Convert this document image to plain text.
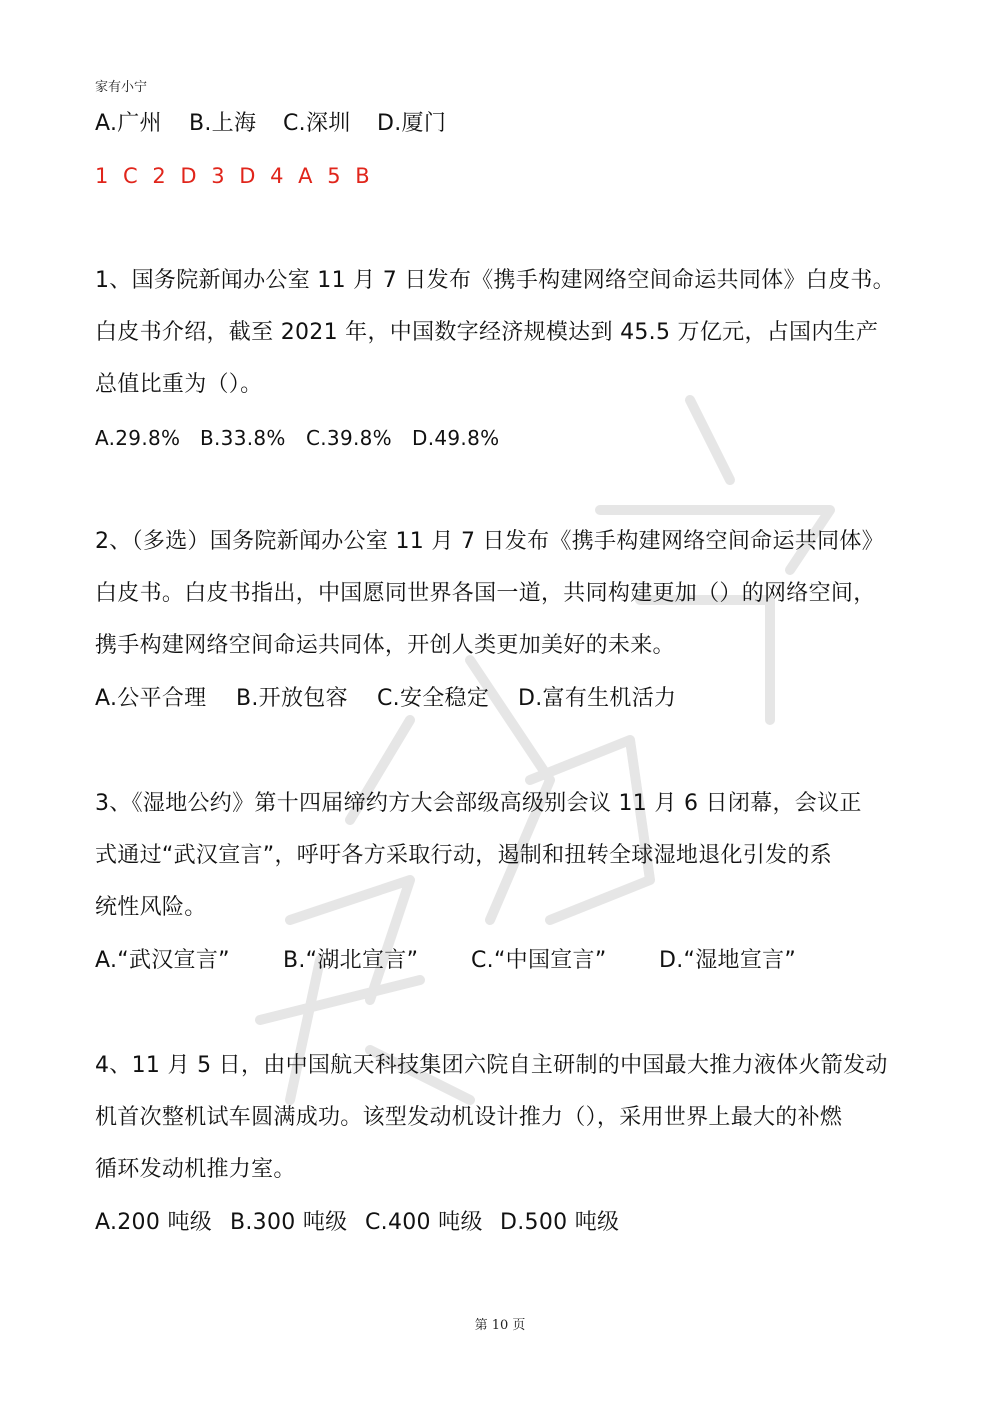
家有小宁
A.广州 B.上海 C.深圳 D.厦门
1 C 2 D 3 D 4 A 5 B
1、国务院新闻办公室 11 月 7 日发布《携手构建网络空间命运共同体》白皮书。
白皮书介绍，截至 2021 年，中国数字经济规模达到 45.5 万亿元，占国内生产
总值比重为（）。
A.29.8% B.33.8% C.39.8% D.49.8%
2、（多选）国务院新闻办公室 11 月 7 日发布《携手构建网络空间命运共同体》
白皮书。白皮书指出，中国愿同世界各国一道，共同构建更加（）的网络空间，
携手构建网络空间命运共同体，开创人类更加美好的未来。
A.公平合理 B.开放包容 C.安全稳定 D.富有生机活力
3、《湿地公约》第十四届缔约方大会部级高级别会议 11 月 6 日闭幕，会议正
式通过“武汉宣言”，呼吁各方采取行动，遏制和扭转全球湿地退化引发的系
统性风险。
A.“武汉宣言” B.“湖北宣言” C.“中国宣言” D.“湿地宣言”
4、11 月 5 日，由中国航天科技集团六院自主研制的中国最大推力液体火箭发动
机首次整机试车圆满成功。该型发动机设计推力（），采用世界上最大的补燃
循环发动机推力室。
A.200 吨级 B.300 吨级 C.400 吨级 D.500 吨级
第 10 页
